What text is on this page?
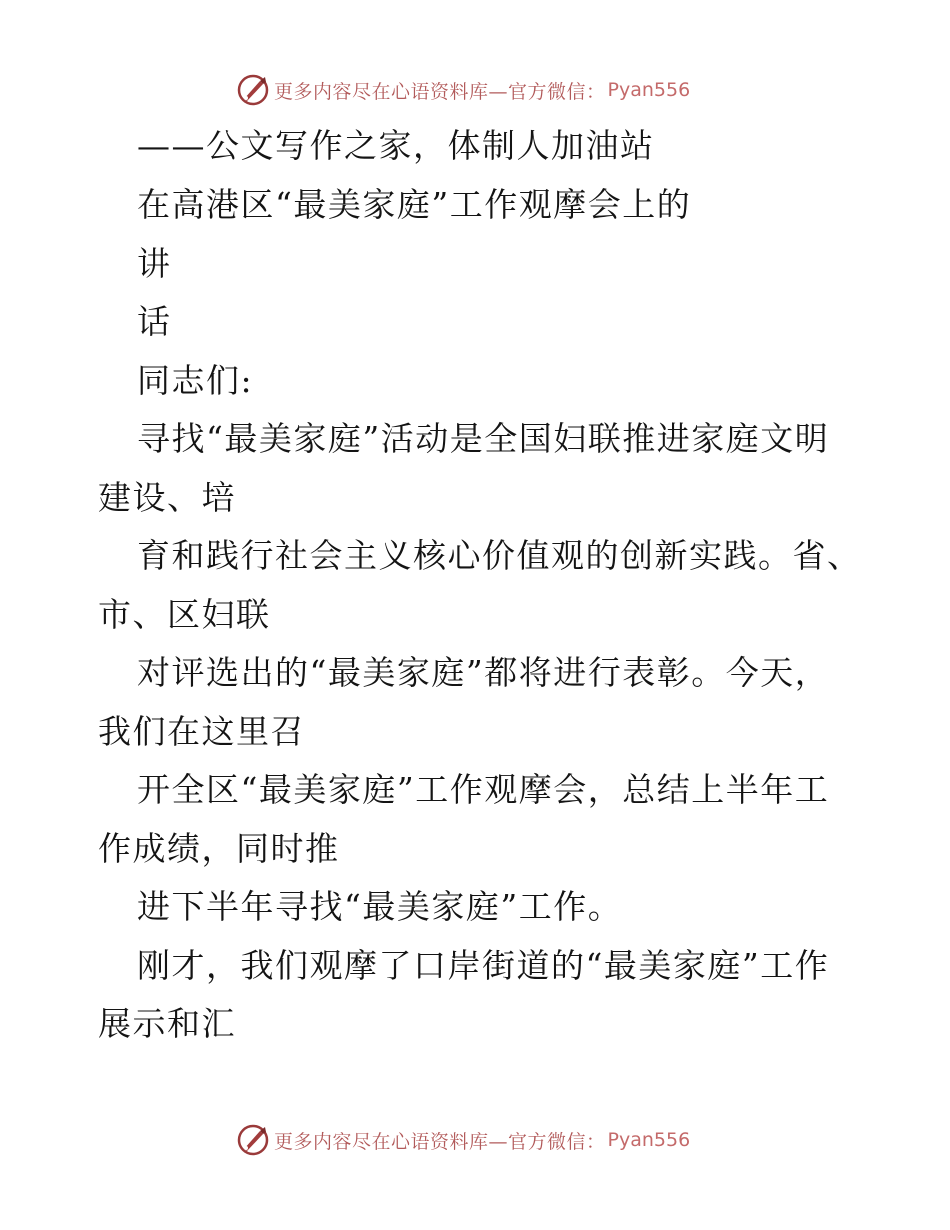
更多内容尽在心语资料库—官方微信： Pyan556
——公文写作之家，体制人加油站
在高港区“最美家庭”工作观摩会上的
讲
话
同志们:
寻找“最美家庭”活动是全国妇联推进家庭文明
建设、培
育和践行社会主义核心价值观的创新实践。省、
市、区妇联
对评选出的“最美家庭”都将进行表彰。今天，
我们在这里召
开全区“最美家庭”工作观摩会，总结上半年工
作成绩，同时推
进下半年寻找“最美家庭”工作。
刚才，我们观摩了口岸街道的“最美家庭”工作
展示和汇
更多内容尽在心语资料库—官方微信： Pyan556
